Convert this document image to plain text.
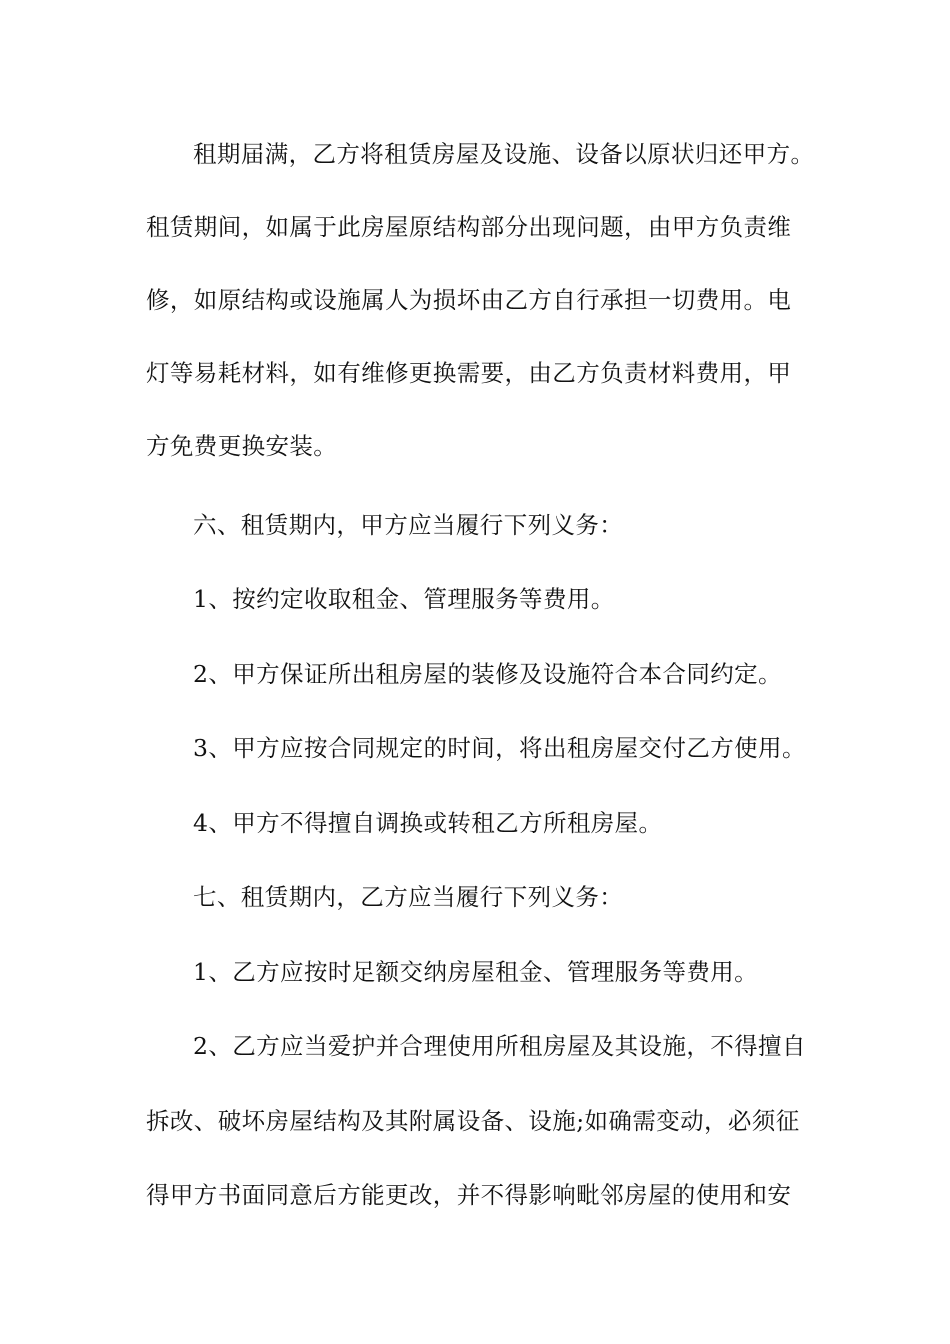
租期届满，乙方将租赁房屋及设施、设备以原状归还甲方。
租赁期间，如属于此房屋原结构部分出现问题，由甲方负责维
修，如原结构或设施属人为损坏由乙方自行承担一切费用。电
灯等易耗材料，如有维修更换需要，由乙方负责材料费用，甲
方免费更换安装。
六、租赁期内，甲方应当履行下列义务：
1、按约定收取租金、管理服务等费用。
2、甲方保证所出租房屋的装修及设施符合本合同约定。
3、甲方应按合同规定的时间，将出租房屋交付乙方使用。
4、甲方不得擅自调换或转租乙方所租房屋。
七、租赁期内，乙方应当履行下列义务：
1、乙方应按时足额交纳房屋租金、管理服务等费用。
2、乙方应当爱护并合理使用所租房屋及其设施，不得擅自
拆改、破坏房屋结构及其附属设备、设施;如确需变动，必须征
得甲方书面同意后方能更改，并不得影响毗邻房屋的使用和安
